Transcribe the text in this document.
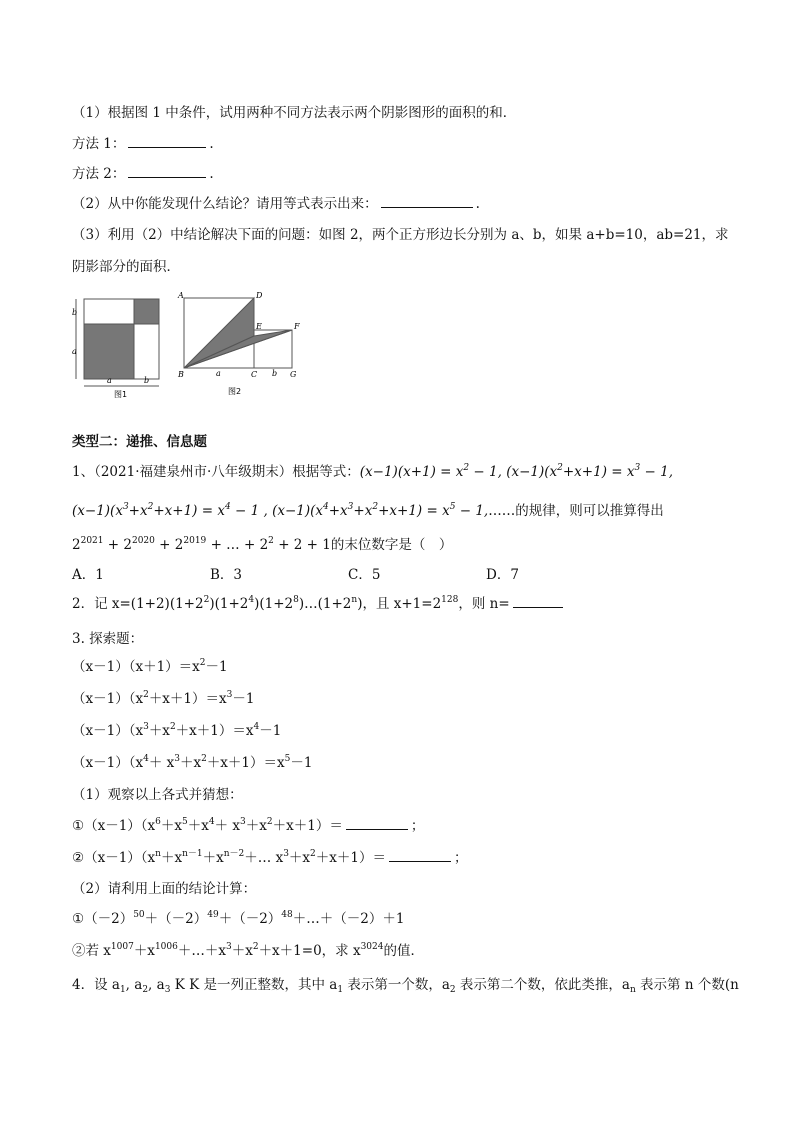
（1）根据图 1 中条件，试用两种不同方法表示两个阴影图形的面积的和．
方法 1：	.
方法 2：	.
（2）从中你能发现什么结论？请用等式表示出来：	.
（3）利用（2）中结论解决下面的问题：如图 2，两个正方形边长分别为 a、b，如果 a+b=10，ab=21，求
阴影部分的面积．
b
a
a	b
图1
A	D
E	F
B	C	G
a	b
图2
类型二：递推、信息题
1、（2021·福建泉州市·八年级期末）根据等式：$(x-1)(x+1) = x^2 - 1$, $(x-1)(x^2+x+1) = x^3 - 1$,
$(x-1)(x^3+x^2+x+1) = x^4 - 1$ , $(x-1)(x^4+x^3+x^2+x+1) = x^5$ − 1,……的规律，则可以推算得出
$2^{2021} + 2^{2020} + 2^{2019}$ + … + $2^2 + 2 + 1$的末位数字是（　）
A．1	B．3	C．5	D．7
2．记 $x=(1+2)(1+2^2)(1+2^4)(1+2^8)\dots(1+2^n)$，且 $x+1=2^{128}$，则 n=
3. 探索题：
$(x-1)(x+1)=x^2-1$
$(x-1)(x^2+x+1)=x^3-1$
$(x-1)(x^3+x^2+x+1)=x^4-1$
$(x-1)(x^4+ x^3+x^2+x+1)=x^5-1$
（1）观察以上各式并猜想：
$①(x-1)(x^6+x^5+x^4+ x^3+x^2+x+1)=$	；
$②(x-1)(x^n+x^{n-1}+x^{n-2}+\dots$ $x^3+x^2+x+1)=$	；
（2）请利用上面的结论计算：
$①(-2)^{50}+(-2)^{49}+(-2)^{48}+\dots+(-2)+1$
②若 $x^{1007}+x^{1006}+\dots+x^3+x^2+x+1=0$，求 $x^{3024}$的值．
4．设 $a_1$, $a_2$, $a_3$ K K 是一列正整数，其中 $a_1$ 表示第一个数，$a_2$ 表示第二个数，依此类推，$a_n$ 表示第 n 个数(n
